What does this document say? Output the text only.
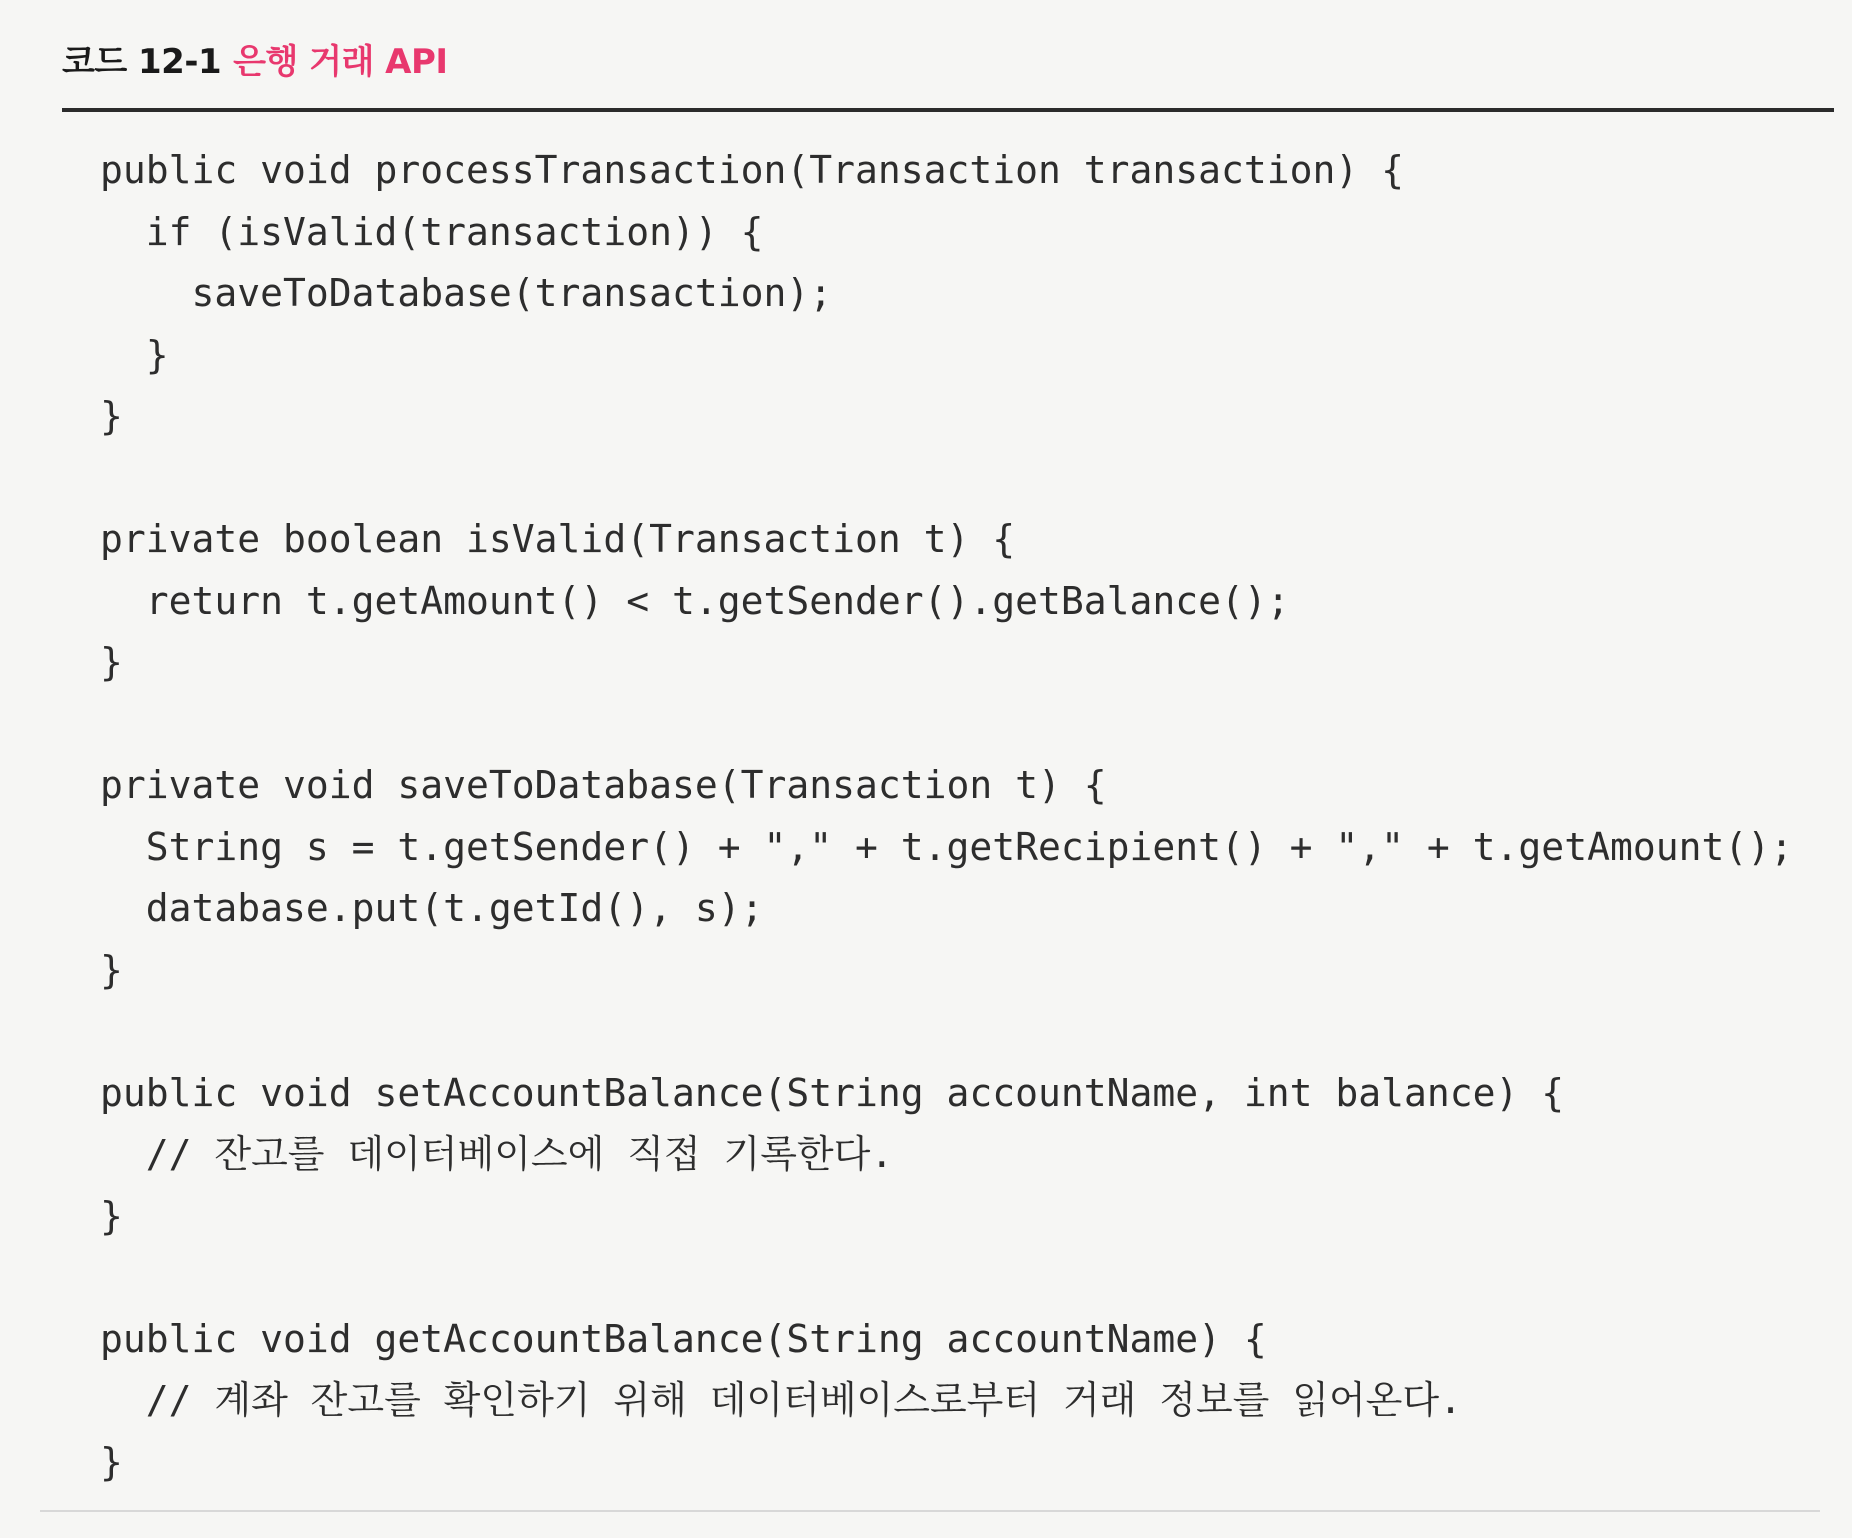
코드 12-1 은행 거래 API
public void processTransaction(Transaction transaction) {
if (isValid(transaction)) {
saveToDatabase(transaction);
}
}
private boolean isValid(Transaction t) {
return t.getAmount() < t.getSender().getBalance();
}
private void saveToDatabase(Transaction t) {
String s = t.getSender() + "," + t.getRecipient() + "," + t.getAmount();
database.put(t.getId(), s);
}
public void setAccountBalance(String accountName, int balance) {
// 잔고를 데이터베이스에 직접 기록한다.
}
public void getAccountBalance(String accountName) {
// 계좌 잔고를 확인하기 위해 데이터베이스로부터 거래 정보를 읽어온다.
}
